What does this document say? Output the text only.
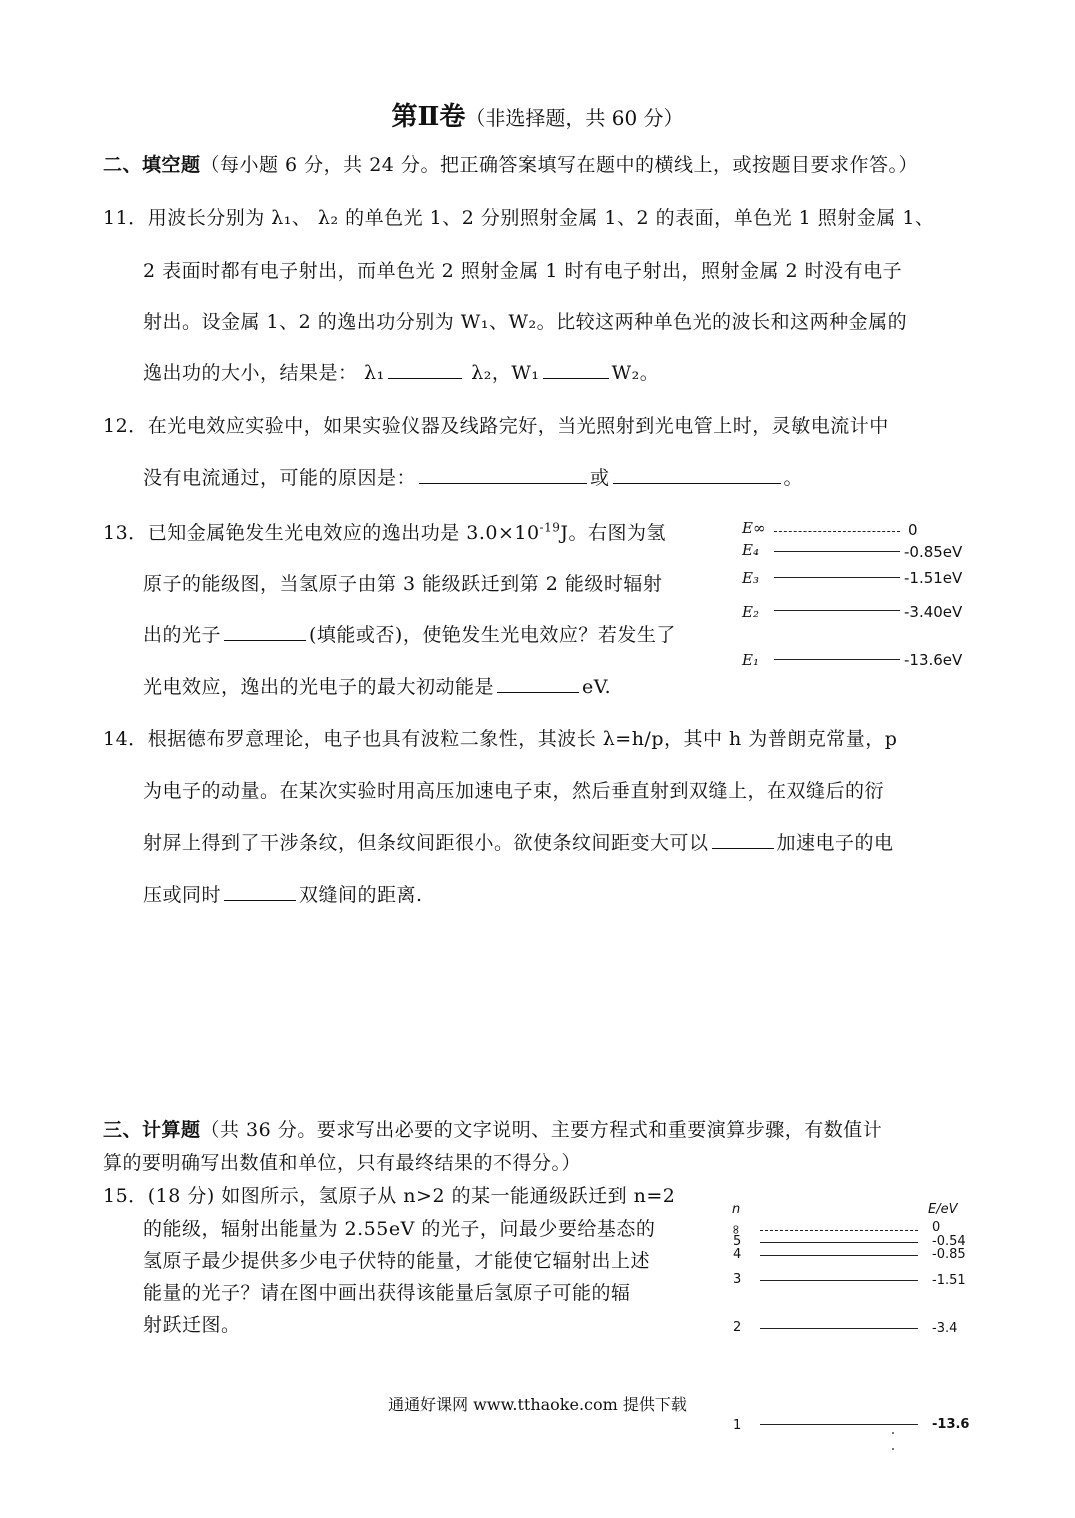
第Ⅱ卷（非选择题，共 60 分）
二、填空题（每小题 6 分，共 24 分。把正确答案填写在题中的横线上，或按题目要求作答。）
11．用波长分别为 λ₁、 λ₂ 的单色光 1、2 分别照射金属 1、2 的表面，单色光 1 照射金属 1、
2 表面时都有电子射出，而单色光 2 照射金属 1 时有电子射出，照射金属 2 时没有电子
射出。设金属 1、2 的逸出功分别为 W₁、W₂。比较这两种单色光的波长和这两种金属的
逸出功的大小，结果是： λ₁	λ₂，W₁	W₂。
12．在光电效应实验中，如果实验仪器及线路完好，当光照射到光电管上时，灵敏电流计中
没有电流通过，可能的原因是：	或	。
13．已知金属铯发生光电效应的逸出功是 $3.0\times 10^{-19}J$。右图为氢
原子的能级图，当氢原子由第 3 能级跃迁到第 2 能级时辐射
出的光子	(填能或否)，使铯发生光电效应？若发生了
光电效应，逸出的光电子的最大初动能是	eV.
E∞	0
E₄	-0.85eV
E₃	-1.51eV
E₂	-3.40eV
E₁	-13.6eV
14．根据德布罗意理论，电子也具有波粒二象性，其波长 λ=h/p，其中 h 为普朗克常量，p
为电子的动量。在某次实验时用高压加速电子束，然后垂直射到双缝上，在双缝后的衍
射屏上得到了干涉条纹，但条纹间距很小。欲使条纹间距变大可以	加速电子的电
压或同时	双缝间的距离.
三、计算题（共 36 分。要求写出必要的文字说明、主要方程式和重要演算步骤，有数值计
算的要明确写出数值和单位，只有最终结果的不得分。）
15．(18 分) 如图所示，氢原子从 n>2 的某一能通级跃迁到 n=2
的能级，辐射出能量为 2.55eV 的光子，问最少要给基态的
氢原子最少提供多少电子伏特的能量，才能使它辐射出上述
能量的光子？请在图中画出获得该能量后氢原子可能的辐
射跃迁图。
n	E/eV
∞	0
5	-0.54
4	-0.85
3	-1.51
2	-3.4
1	-13.6
通通好课网 www.tthaoke.com 提供下载
